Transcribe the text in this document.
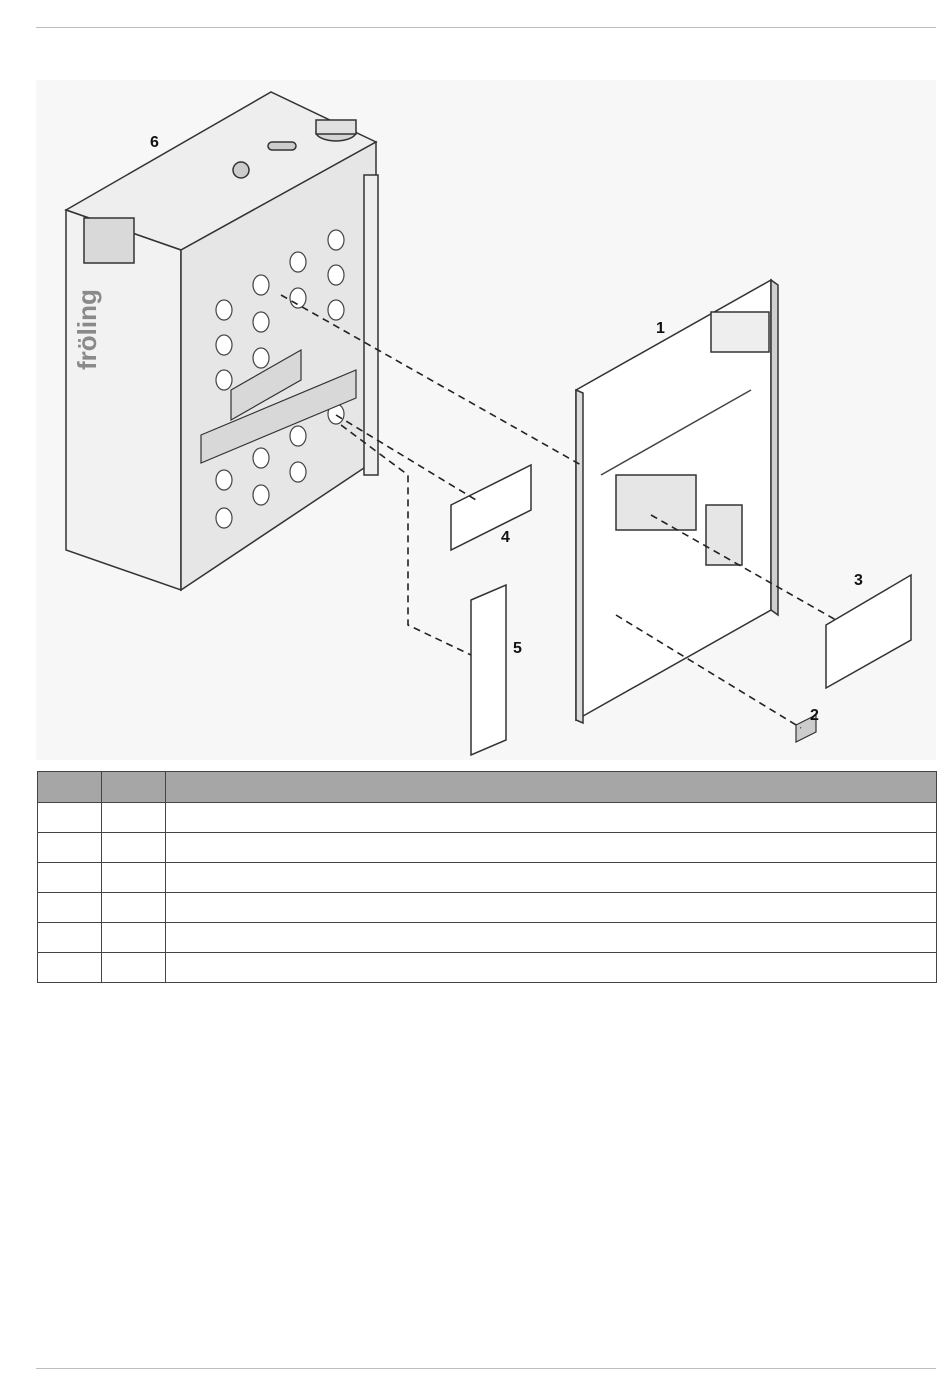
fröling	1
2
3
4
5
6
